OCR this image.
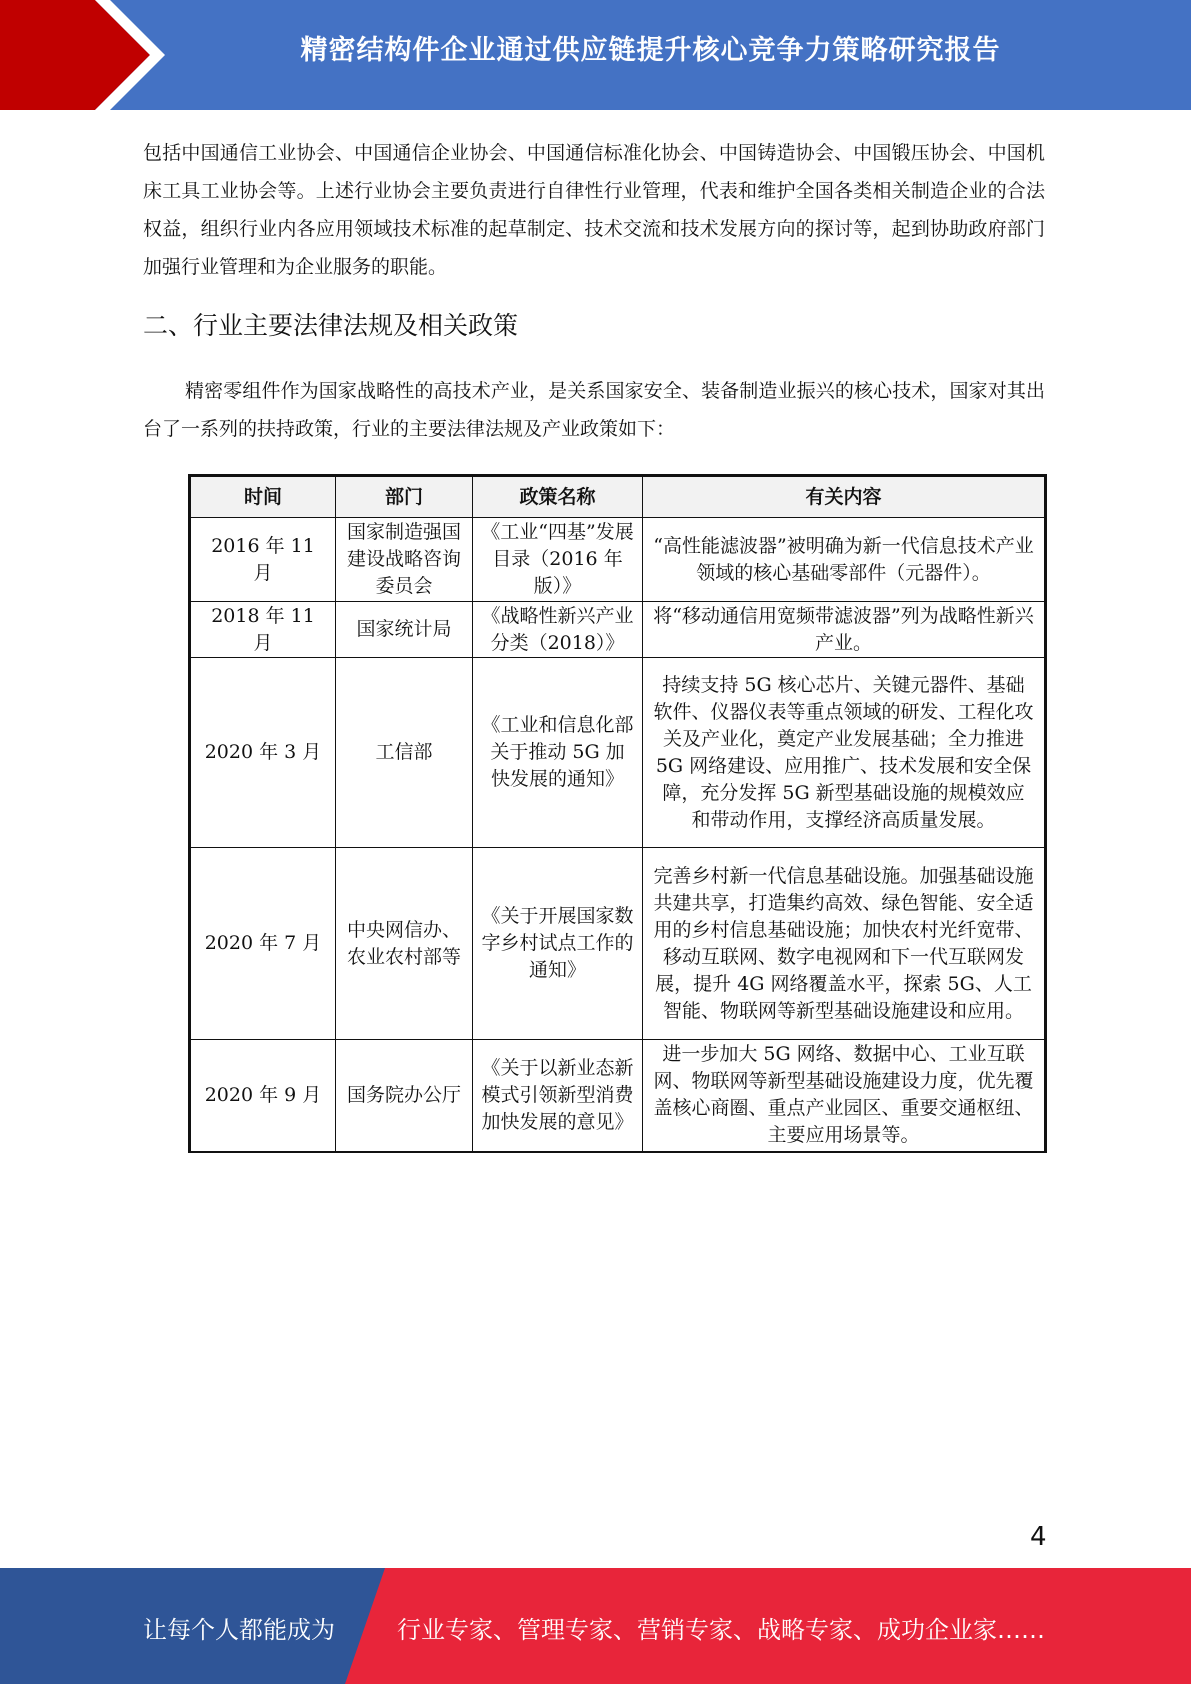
精密结构件企业通过供应链提升核心竞争力策略研究报告
包括中国通信工业协会、中国通信企业协会、中国通信标准化协会、中国铸造协会、中国锻压协会、中国机床工具工业协会等。上述行业协会主要负责进行自律性行业管理，代表和维护全国各类相关制造企业的合法权益，组织行业内各应用领域技术标准的起草制定、技术交流和技术发展方向的探讨等，起到协助政府部门加强行业管理和为企业服务的职能。
二、行业主要法律法规及相关政策
精密零组件作为国家战略性的高技术产业，是关系国家安全、装备制造业振兴的核心技术，国家对其出台了一系列的扶持政策，行业的主要法律法规及产业政策如下：
时间	部门	政策名称	有关内容
2016 年 11 月	国家制造强国建设战略咨询委员会	《工业“四基”发展目录（2016 年版）》	“高性能滤波器”被明确为新一代信息技术产业领域的核心基础零部件（元器件）。
2018 年 11 月	国家统计局	《战略性新兴产业分类（2018）》	将“移动通信用宽频带滤波器”列为战略性新兴产业。
2020 年 3 月	工信部	《工业和信息化部关于推动 5G 加快发展的通知》	持续支持 5G 核心芯片、关键元器件、基础软件、仪器仪表等重点领域的研发、工程化攻关及产业化，奠定产业发展基础；全力推进 5G 网络建设、应用推广、技术发展和安全保障，充分发挥 5G 新型基础设施的规模效应和带动作用，支撑经济高质量发展。
2020 年 7 月	中央网信办、农业农村部等	《关于开展国家数字乡村试点工作的通知》	完善乡村新一代信息基础设施。加强基础设施共建共享，打造集约高效、绿色智能、安全适用的乡村信息基础设施；加快农村光纤宽带、移动互联网、数字电视网和下一代互联网发展，提升 4G 网络覆盖水平，探索 5G、人工智能、物联网等新型基础设施建设和应用。
2020 年 9 月	国务院办公厅	《关于以新业态新模式引领新型消费加快发展的意见》	进一步加大 5G 网络、数据中心、工业互联网、物联网等新型基础设施建设力度，优先覆盖核心商圈、重点产业园区、重要交通枢纽、主要应用场景等。
4
让每个人都能成为	行业专家、管理专家、营销专家、战略专家、成功企业家……
